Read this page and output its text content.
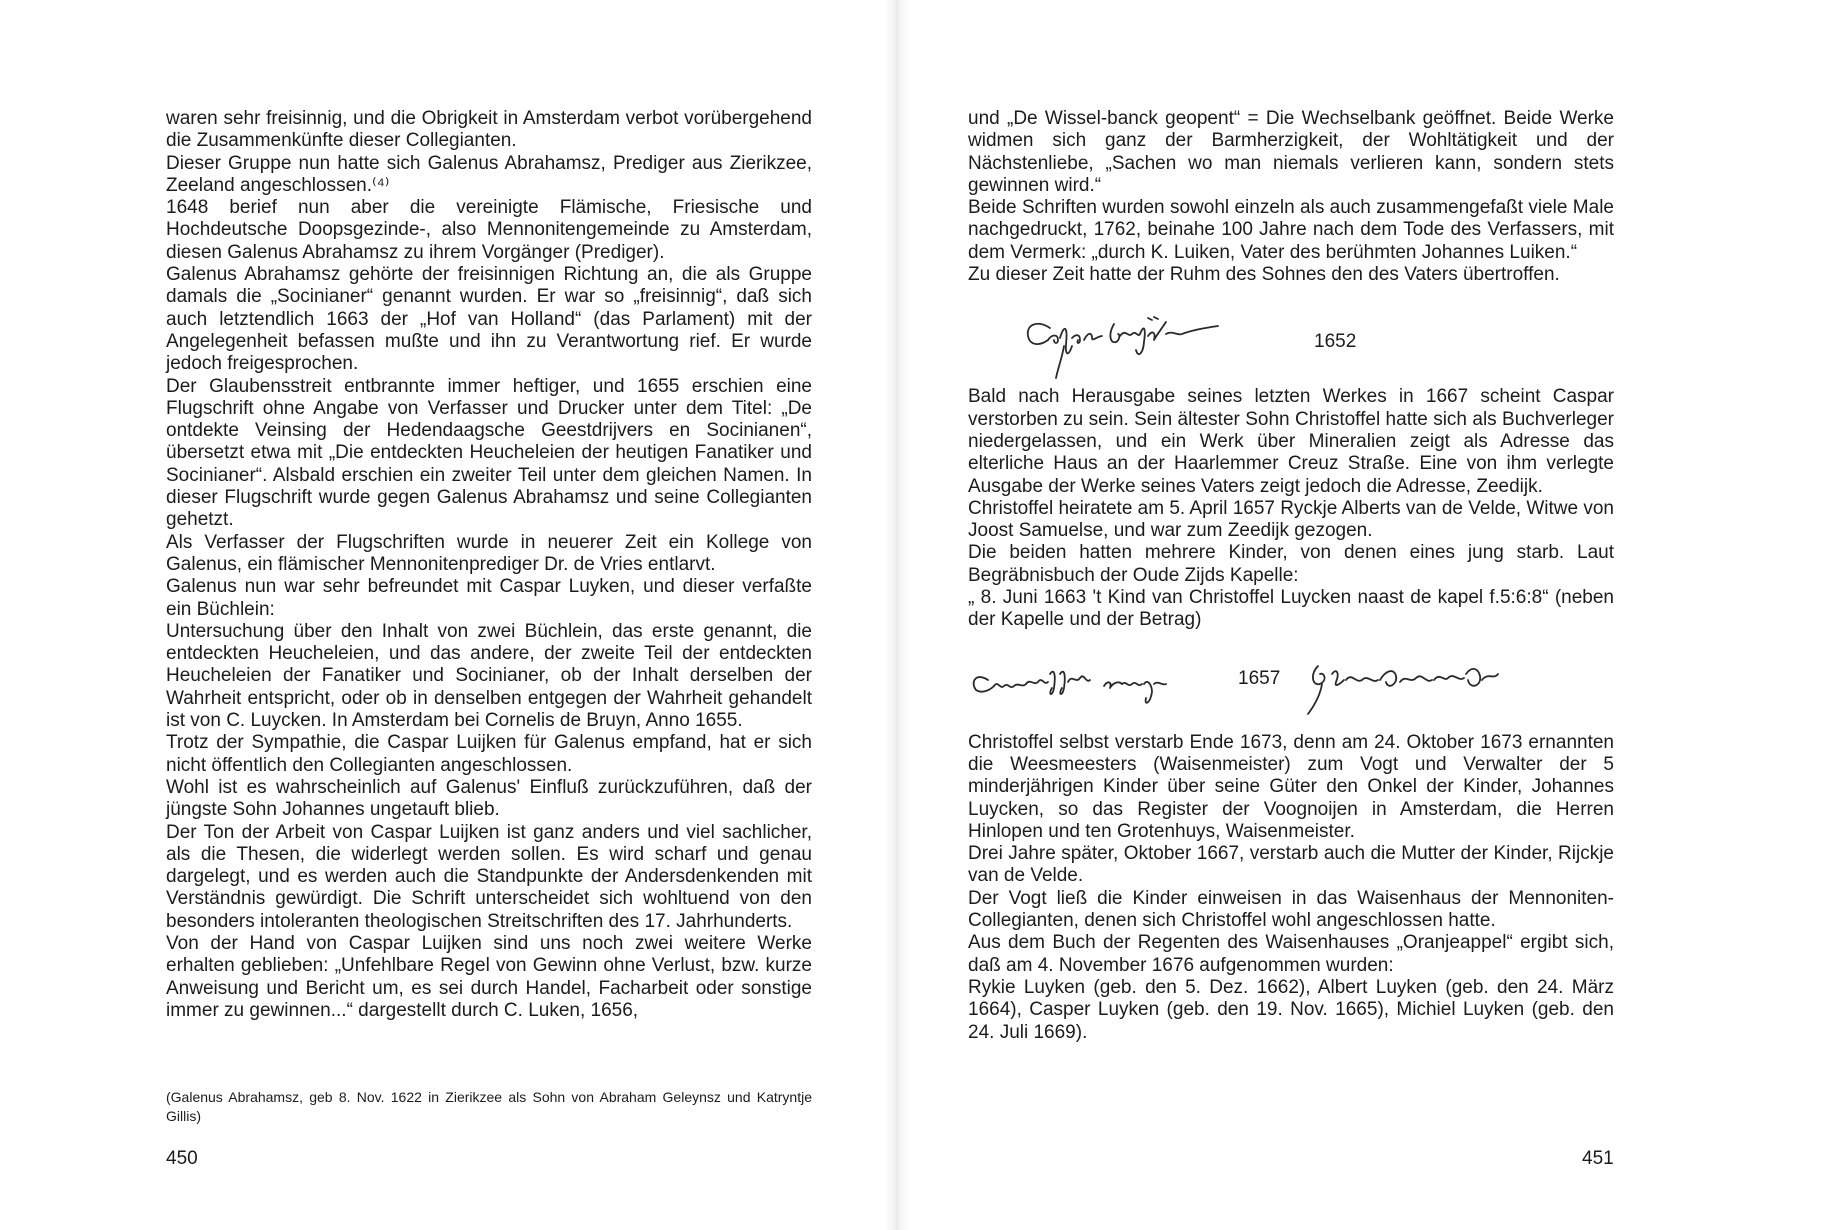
waren sehr freisinnig, und die Obrigkeit in Amsterdam verbot vorübergehend die Zusammenkünfte dieser Collegianten.

Dieser Gruppe nun hatte sich Galenus Abrahamsz, Prediger aus Zierikzee, Zeeland angeschlossen.⁽⁴⁾

1648 berief nun aber die vereinigte Flämische, Friesische und Hochdeutsche Doopsgezinde-, also Mennonitengemeinde zu Amsterdam, diesen Galenus Abrahamsz zu ihrem Vorgänger (Prediger).

Galenus Abrahamsz gehörte der freisinnigen Richtung an, die als Gruppe damals die „Socinianer“ genannt wurden. Er war so „freisinnig“, daß sich auch letztendlich 1663 der „Hof van Holland“ (das Parlament) mit der Angelegenheit befassen mußte und ihn zu Verantwortung rief. Er wurde jedoch freigesprochen.

Der Glaubensstreit entbrannte immer heftiger, und 1655 erschien eine Flugschrift ohne Angabe von Verfasser und Drucker unter dem Titel: „De ontdekte Veinsing der Hedendaagsche Geestdrijvers en Socinianen“, übersetzt etwa mit „Die entdeckten Heucheleien der heutigen Fanatiker und Socinianer“. Alsbald erschien ein zweiter Teil unter dem gleichen Namen. In dieser Flugschrift wurde gegen Galenus Abrahamsz und seine Collegianten gehetzt.

Als Verfasser der Flugschriften wurde in neuerer Zeit ein Kollege von Galenus, ein flämischer Mennonitenprediger Dr. de Vries entlarvt.

Galenus nun war sehr befreundet mit Caspar Luyken, und dieser verfaßte ein Büchlein:

Untersuchung über den Inhalt von zwei Büchlein, das erste genannt, die entdeckten Heucheleien, und das andere, der zweite Teil der entdeckten Heucheleien der Fanatiker und Socinianer, ob der Inhalt derselben der Wahrheit entspricht, oder ob in denselben entgegen der Wahrheit gehandelt ist von C. Luycken. In Amsterdam bei Cornelis de Bruyn, Anno 1655.

Trotz der Sympathie, die Caspar Luijken für Galenus empfand, hat er sich nicht öffentlich den Collegianten angeschlossen.

Wohl ist es wahrscheinlich auf Galenus' Einfluß zurückzuführen, daß der jüngste Sohn Johannes ungetauft blieb.

Der Ton der Arbeit von Caspar Luijken ist ganz anders und viel sachlicher, als die Thesen, die widerlegt werden sollen. Es wird scharf und genau dargelegt, und es werden auch die Standpunkte der Andersdenkenden mit Verständnis gewürdigt. Die Schrift unterscheidet sich wohltuend von den besonders intoleranten theologischen Streitschriften des 17. Jahrhunderts.

Von der Hand von Caspar Luijken sind uns noch zwei weitere Werke erhalten geblieben: „Unfehlbare Regel von Gewinn ohne Verlust, bzw. kurze Anweisung und Bericht um, es sei durch Handel, Facharbeit oder sonstige immer zu gewinnen...“ dargestellt durch C. Luken, 1656,

(Galenus Abrahamsz, geb 8. Nov. 1622 in Zierikzee als Sohn von Abraham Geleynsz und Katryntje Gillis)
450

und „De Wissel-banck geopent“ = Die Wechselbank geöffnet. Beide Werke widmen sich ganz der Barmherzigkeit, der Wohltätigkeit und der Nächstenliebe, „Sachen wo man niemals verlieren kann, sondern stets gewinnen wird.“

Beide Schriften wurden sowohl einzeln als auch zusammengefaßt viele Male nachgedruckt, 1762, beinahe 100 Jahre nach dem Tode des Verfassers, mit dem Vermerk: „durch K. Luiken, Vater des berühmten Johannes Luiken.“

Zu dieser Zeit hatte der Ruhm des Sohnes den des Vaters übertroffen.

1652

Bald nach Herausgabe seines letzten Werkes in 1667 scheint Caspar verstorben zu sein. Sein ältester Sohn Christoffel hatte sich als Buchverleger niedergelassen, und ein Werk über Mineralien zeigt als Adresse das elterliche Haus an der Haarlemmer Creuz Straße. Eine von ihm verlegte Ausgabe der Werke seines Vaters zeigt jedoch die Adresse, Zeedijk.

Christoffel heiratete am 5. April 1657 Ryckje Alberts van de Velde, Witwe von Joost Samuelse, und war zum Zeedijk gezogen.

Die beiden hatten mehrere Kinder, von denen eines jung starb. Laut Begräbnisbuch der Oude Zijds Kapelle:

„ 8. Juni 1663 't Kind van Christoffel Luycken naast de kapel f.5:6:8“ (neben der Kapelle und der Betrag)

1657

Christoffel selbst verstarb Ende 1673, denn am 24. Oktober 1673 ernannten die Weesmeesters (Waisenmeister) zum Vogt und Verwalter der 5 minderjährigen Kinder über seine Güter den Onkel der Kinder, Johannes Luycken, so das Register der Voognoijen in Amsterdam, die Herren Hinlopen und ten Grotenhuys, Waisenmeister.

Drei Jahre später, Oktober 1667, verstarb auch die Mutter der Kinder, Rijckje van de Velde.

Der Vogt ließ die Kinder einweisen in das Waisenhaus der Mennoniten-Collegianten, denen sich Christoffel wohl angeschlossen hatte.

Aus dem Buch der Regenten des Waisenhauses „Oranjeappel“ ergibt sich, daß am 4. November 1676 aufgenommen wurden:

Rykie Luyken (geb. den 5. Dez. 1662), Albert Luyken (geb. den 24. März 1664), Casper Luyken (geb. den 19. Nov. 1665), Michiel Luyken (geb. den 24. Juli 1669).

451
